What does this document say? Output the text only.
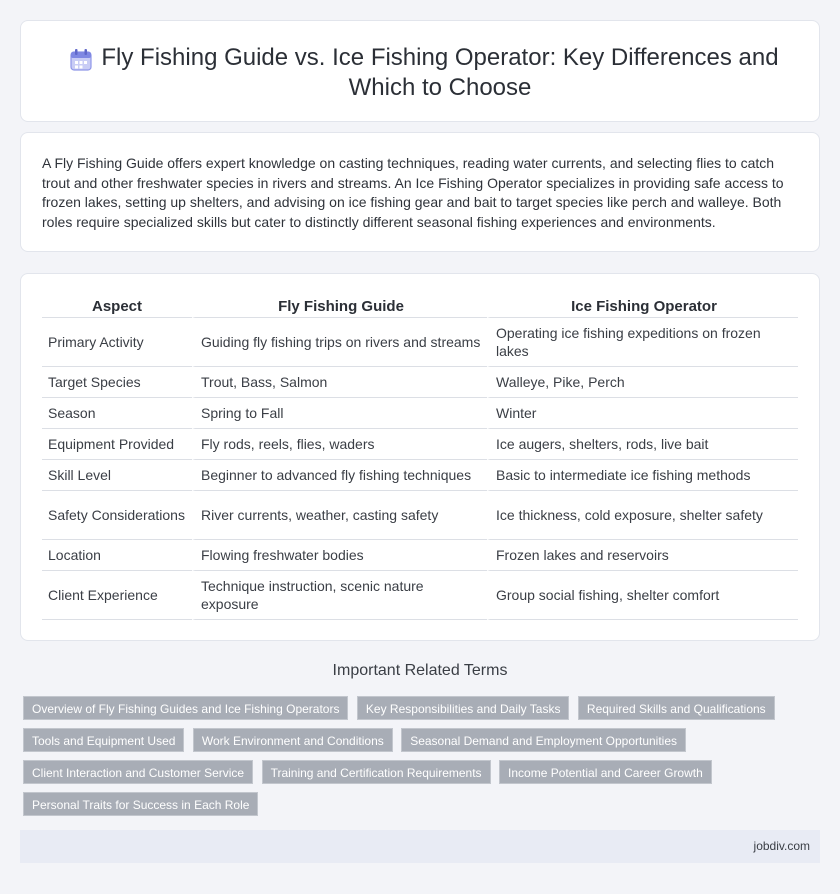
Fly Fishing Guide vs. Ice Fishing Operator: Key Differences and Which to Choose

A Fly Fishing Guide offers expert knowledge on casting techniques, reading water currents, and selecting flies to catch trout and other freshwater species in rivers and streams. An Ice Fishing Operator specializes in providing safe access to frozen lakes, setting up shelters, and advising on ice fishing gear and bait to target species like perch and walleye. Both roles require specialized skills but cater to distinctly different seasonal fishing experiences and environments.

Aspect	Fly Fishing Guide	Ice Fishing Operator
Primary Activity	Guiding fly fishing trips on rivers and streams	Operating ice fishing expeditions on frozen lakes
Target Species	Trout, Bass, Salmon	Walleye, Pike, Perch
Season	Spring to Fall	Winter
Equipment Provided	Fly rods, reels, flies, waders	Ice augers, shelters, rods, live bait
Skill Level	Beginner to advanced fly fishing techniques	Basic to intermediate ice fishing methods
Safety Considerations	River currents, weather, casting safety	Ice thickness, cold exposure, shelter safety
Location	Flowing freshwater bodies	Frozen lakes and reservoirs
Client Experience	Technique instruction, scenic nature exposure	Group social fishing, shelter comfort
Important Related Terms
Overview of Fly Fishing Guides and Ice Fishing Operators Key Responsibilities and Daily Tasks Required Skills and Qualifications
Tools and Equipment Used Work Environment and Conditions Seasonal Demand and Employment Opportunities
Client Interaction and Customer Service Training and Certification Requirements Income Potential and Career Growth
Personal Traits for Success in Each Role
jobdiv.com
